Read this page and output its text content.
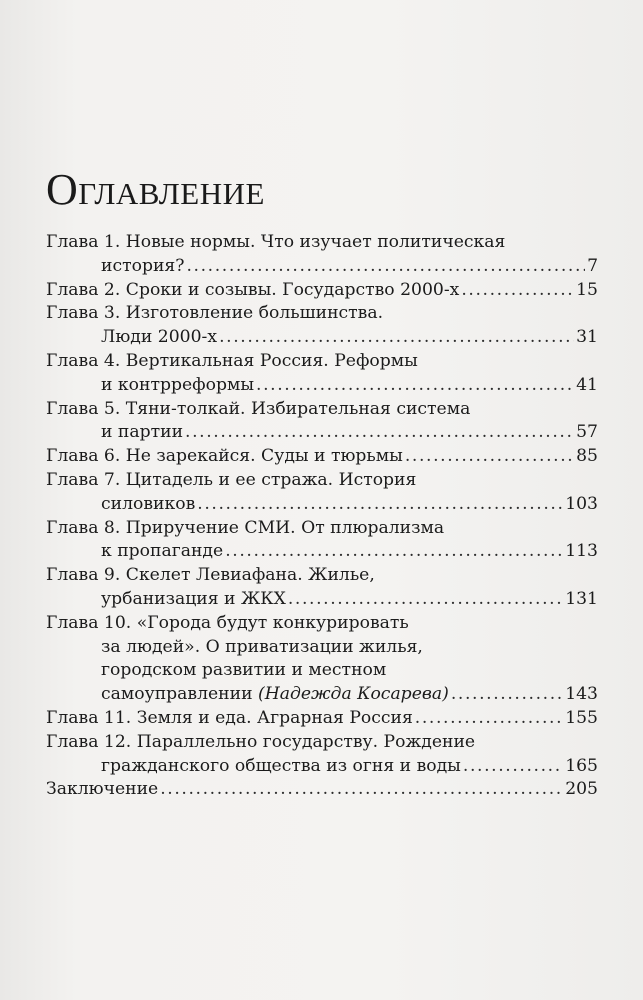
Оглавление
Глава 1. Новые нормы. Что изучает политическая
история? .....	7
Глава 2. Сроки и созывы. Государство 2000-х .....	15
Глава 3. Изготовление большинства.
Люди 2000-х .....	31
Глава 4. Вертикальная Россия. Реформы
и контрреформы .....	41
Глава 5. Тяни-толкай. Избирательная система
и партии .....	57
Глава 6. Не зарекайся. Суды и тюрьмы .....	85
Глава 7. Цитадель и ее стража. История
силовиков .....	103
Глава 8. Приручение СМИ. От плюрализма
к пропаганде .....	113
Глава 9. Скелет Левиафана. Жилье,
урбанизация и ЖКХ .....	131
Глава 10. «Города будут конкурировать
за людей». О приватизации жилья,
городском развитии и местном
самоуправлении (Надежда Косарева) .....	143
Глава 11. Земля и еда. Аграрная Россия .....	155
Глава 12. Параллельно государству. Рождение
гражданского общества из огня и воды .....	165
Заключение .....	205
